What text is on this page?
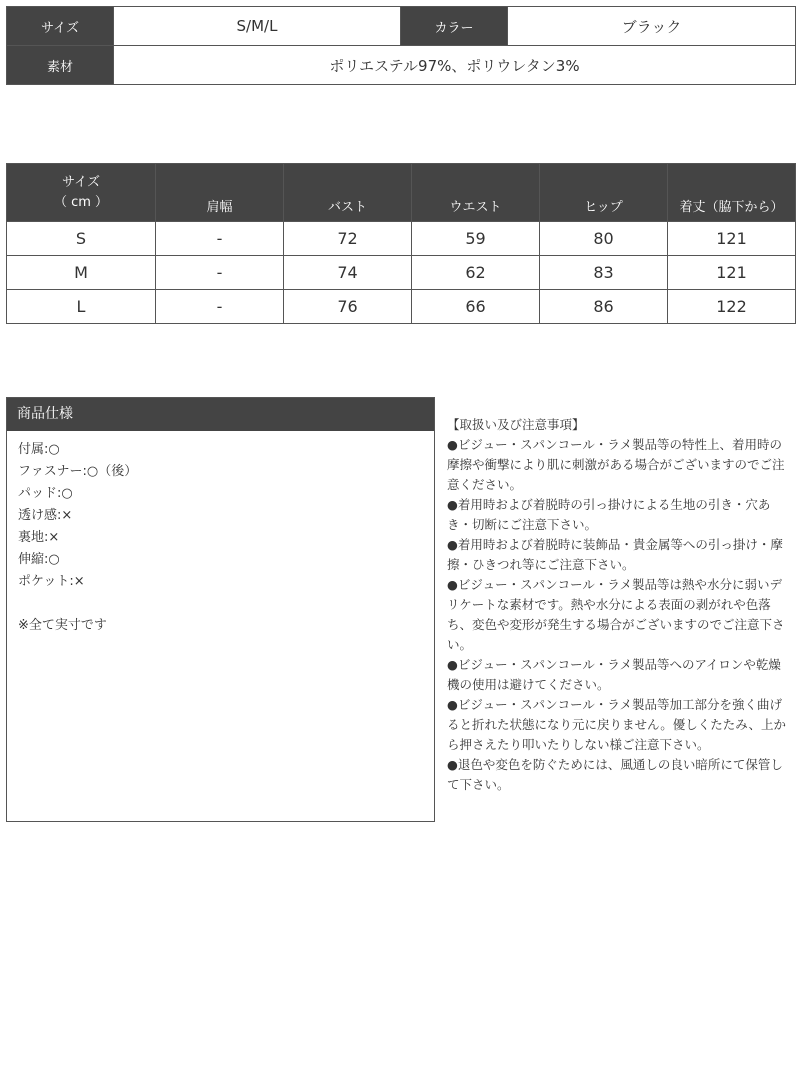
サイズ	S/M/L	カラー	ブラック
素材	ポリエステル97%、ポリウレタン3%		
サイズ
（ cm ）	肩幅	バスト	ウエスト	ヒップ	着丈（脇下から）
S	-	72	59	80	121
M	-	74	62	83	121
L	-	76	66	86	122
商品仕様
付属:○
ファスナー:○（後）
パッド:○
透け感:×
裏地:×
伸縮:○
ポケット:×

※全て実寸です

【取扱い及び注意事項】

●ビジュー・スパンコール・ラメ製品等の特性上、着用時の摩擦や衝撃により肌に刺激がある場合がございますのでご注意ください。
●着用時および着脱時の引っ掛けによる生地の引き・穴あき・切断にご注意下さい。
●着用時および着脱時に装飾品・貴金属等への引っ掛け・摩擦・ひきつれ等にご注意下さい。
●ビジュー・スパンコール・ラメ製品等は熱や水分に弱いデリケートな素材です。熱や水分による表面の剥がれや色落ち、変色や変形が発生する場合がございますのでご注意下さい。
●ビジュー・スパンコール・ラメ製品等へのアイロンや乾燥機の使用は避けてください。
●ビジュー・スパンコール・ラメ製品等加工部分を強く曲げると折れた状態になり元に戻りません。優しくたたみ、上から押さえたり叩いたりしない様ご注意下さい。
●退色や変色を防ぐためには、風通しの良い暗所にて保管して下さい。
